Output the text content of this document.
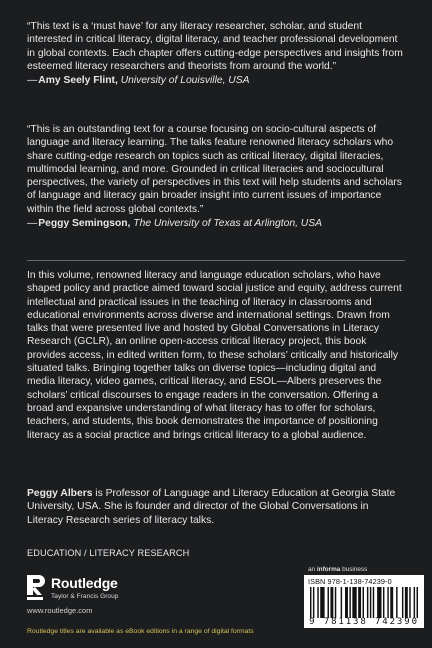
“This text is a ‘must have’ for any literacy researcher, scholar, and student interested in critical literacy, digital literacy, and teacher professional development in global contexts. Each chapter offers cutting-edge perspectives and insights from esteemed literacy researchers and theorists from around the world.”

—Amy Seely Flint, University of Louisville, USA

“This is an outstanding text for a course focusing on socio-cultural aspects of language and literacy learning. The talks feature renowned literacy scholars who share cutting-edge research on topics such as critical literacy, digital literacies, multimodal learning, and more. Grounded in critical literacies and sociocultural perspectives, the variety of perspectives in this text will help students and scholars of language and literacy gain broader insight into current issues of importance within the field across global contexts.”

—Peggy Semingson, The University of Texas at Arlington, USA

In this volume, renowned literacy and language education scholars, who have shaped policy and practice aimed toward social justice and equity, address current intellectual and practical issues in the teaching of literacy in classrooms and educational environments across diverse and international settings. Drawn from talks that were presented live and hosted by Global Conversations in Literacy Research (GCLR), an online open-access critical literacy project, this book provides access, in edited written form, to these scholars’ critically and historically situated talks. Bringing together talks on diverse topics—including digital and media literacy, video games, critical literacy, and ESOL—Albers preserves the scholars’ critical discourses to engage readers in the conversation. Offering a broad and expansive understanding of what literacy has to offer for scholars, teachers, and students, this book demonstrates the importance of positioning literacy as a social practice and brings critical literacy to a global audience.

Peggy Albers is Professor of Language and Literacy Education at Georgia State University, USA. She is founder and director of the Global Conversations in Literacy Research series of literacy talks.

EDUCATION / LITERACY RESEARCH

Routledge
Taylor & Francis Group
www.routledge.com
Routledge titles are available as eBook editions in a range of digital formats
an informa business
ISBN 978-1-138-74239-0
9 781138 742390
